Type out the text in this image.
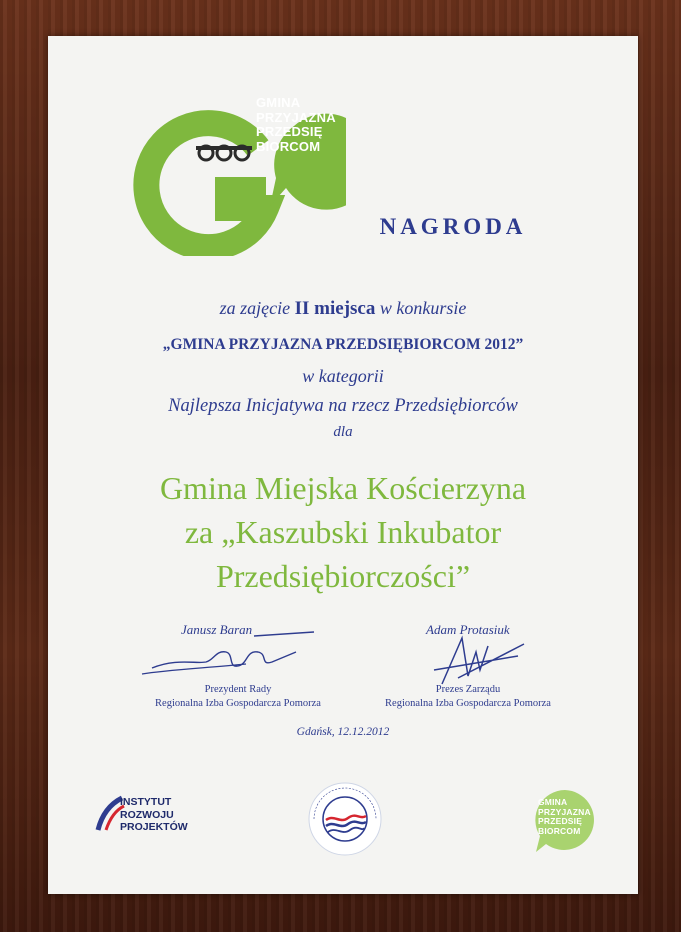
GMINA
PRZYJAZNA
PRZEDSIĘ
BIORCOM
NAGRODA
za zajęcie II miejsca w konkursie
„GMINA PRZYJAZNA PRZEDSIĘBIORCOM 2012”
w kategorii
Najlepsza Inicjatywa na rzecz Przedsiębiorców
dla
Gmina Miejska Kościerzyna
za „Kaszubski Inkubator
Przedsiębiorczości”
Janusz Baran
Prezydent Rady
Regionalna Izba Gospodarcza Pomorza
Adam Protasiuk
Prezes Zarządu
Regionalna Izba Gospodarcza Pomorza
Gdańsk, 12.12.2012
INSTYTUT
ROZWOJU
PROJEKTÓW
GMINA
PRZYJAZNA
PRZEDSIĘ
BIORCOM
